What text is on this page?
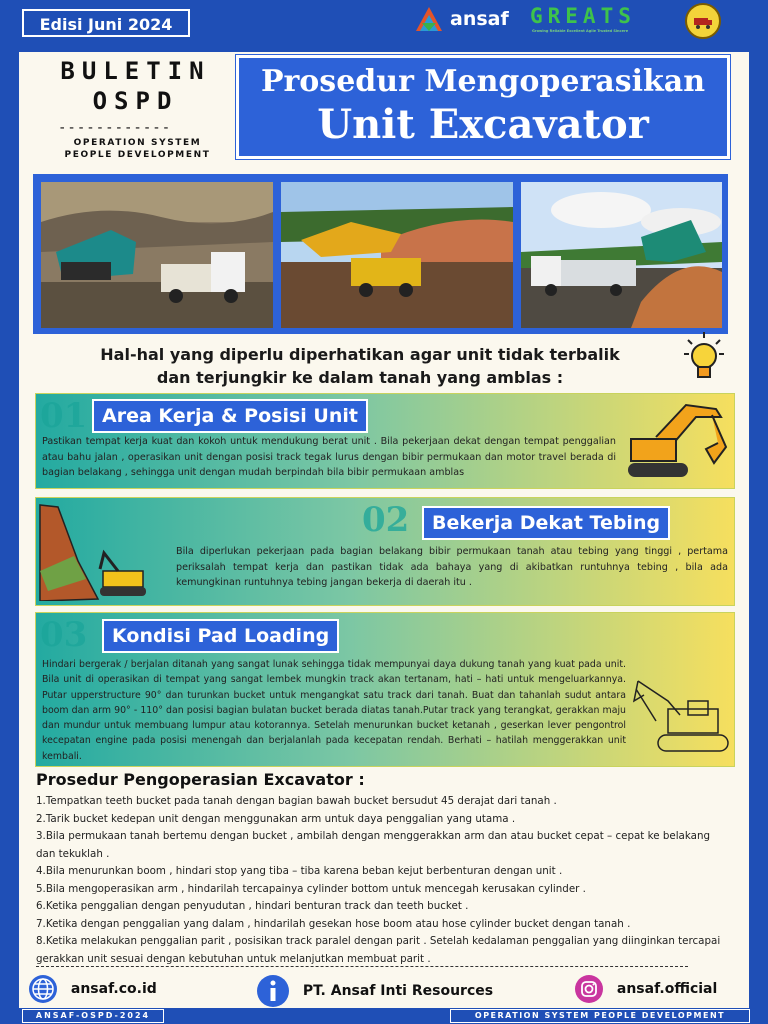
Edisi Juni 2024	ansaf GREATS
Growing Reliable Excellent Agile Trusted Sincere
BULETIN
OSPD
------------
OPERATION SYSTEM
PEOPLE DEVELOPMENT
Prosedur Mengoperasikan
Unit Excavator
Hal-hal yang diperlu diperhatikan agar unit tidak terbalik
dan terjungkir ke dalam tanah yang amblas :
01 Area Kerja & Posisi Unit
Pastikan tempat kerja kuat dan kokoh untuk mendukung berat unit . Bila pekerjaan dekat dengan tempat penggalian atau bahu jalan , operasikan unit dengan posisi track tegak lurus dengan bibir permukaan dan motor travel berada di bagian belakang , sehingga unit dengan mudah berpindah bila bibir permukaan amblas
02	Bekerja Dekat Tebing
Bila diperlukan pekerjaan pada bagian belakang bibir permukaan tanah atau tebing yang tinggi , pertama periksalah tempat kerja dan pastikan tidak ada bahaya yang di akibatkan runtuhnya tebing , bila ada kemungkinan runtuhnya tebing jangan bekerja di daerah itu .
03	Kondisi Pad Loading
Hindari bergerak / berjalan ditanah yang sangat lunak sehingga tidak mempunyai daya dukung tanah yang kuat pada unit. Bila unit di operasikan di tempat yang sangat lembek mungkin track akan tertanam, hati – hati untuk mengeluarkannya. Putar upperstructure 90° dan turunkan bucket untuk mengangkat satu track dari tanah. Buat dan tahanlah sudut antara boom dan arm 90° - 110° dan posisi bagian bulatan bucket berada diatas tanah.Putar track yang terangkat, gerakkan maju dan mundur untuk membuang lumpur atau kotorannya. Setelah menurunkan bucket ketanah , geserkan lever pengontrol kecepatan engine pada posisi menengah dan berjalanlah pada kecepatan rendah. Berhati – hatilah menggerakkan unit kembali.
Prosedur Pengoperasian Excavator :
1.Tempatkan teeth bucket pada tanah dengan bagian bawah bucket bersudut 45 derajat dari tanah .
2.Tarik bucket kedepan unit dengan menggunakan arm untuk daya penggalian yang utama .
3.Bila permukaan tanah bertemu dengan bucket , ambilah dengan menggerakkan arm dan atau bucket cepat – cepat ke belakang dan tekuklah .
4.Bila menurunkan boom , hindari stop yang tiba – tiba karena beban kejut berbenturan dengan unit .
5.Bila mengoperasikan arm , hindarilah tercapainya cylinder bottom untuk mencegah kerusakan cylinder .
6.Ketika penggalian dengan penyudutan , hindari benturan track dan teeth bucket .
7.Ketika dengan penggalian yang dalam , hindarilah gesekan hose boom atau hose cylinder bucket dengan tanah .
8.Ketika melakukan penggalian parit , posisikan track paralel dengan parit . Setelah kedalaman penggalian yang diinginkan tercapai gerakkan unit sesuai dengan kebutuhan untuk melanjutkan membuat parit .
ansaf.co.id	PT. Ansaf Inti Resources	ansaf.official
ANSAF-OSPD-2024	OPERATION SYSTEM PEOPLE DEVELOPMENT
